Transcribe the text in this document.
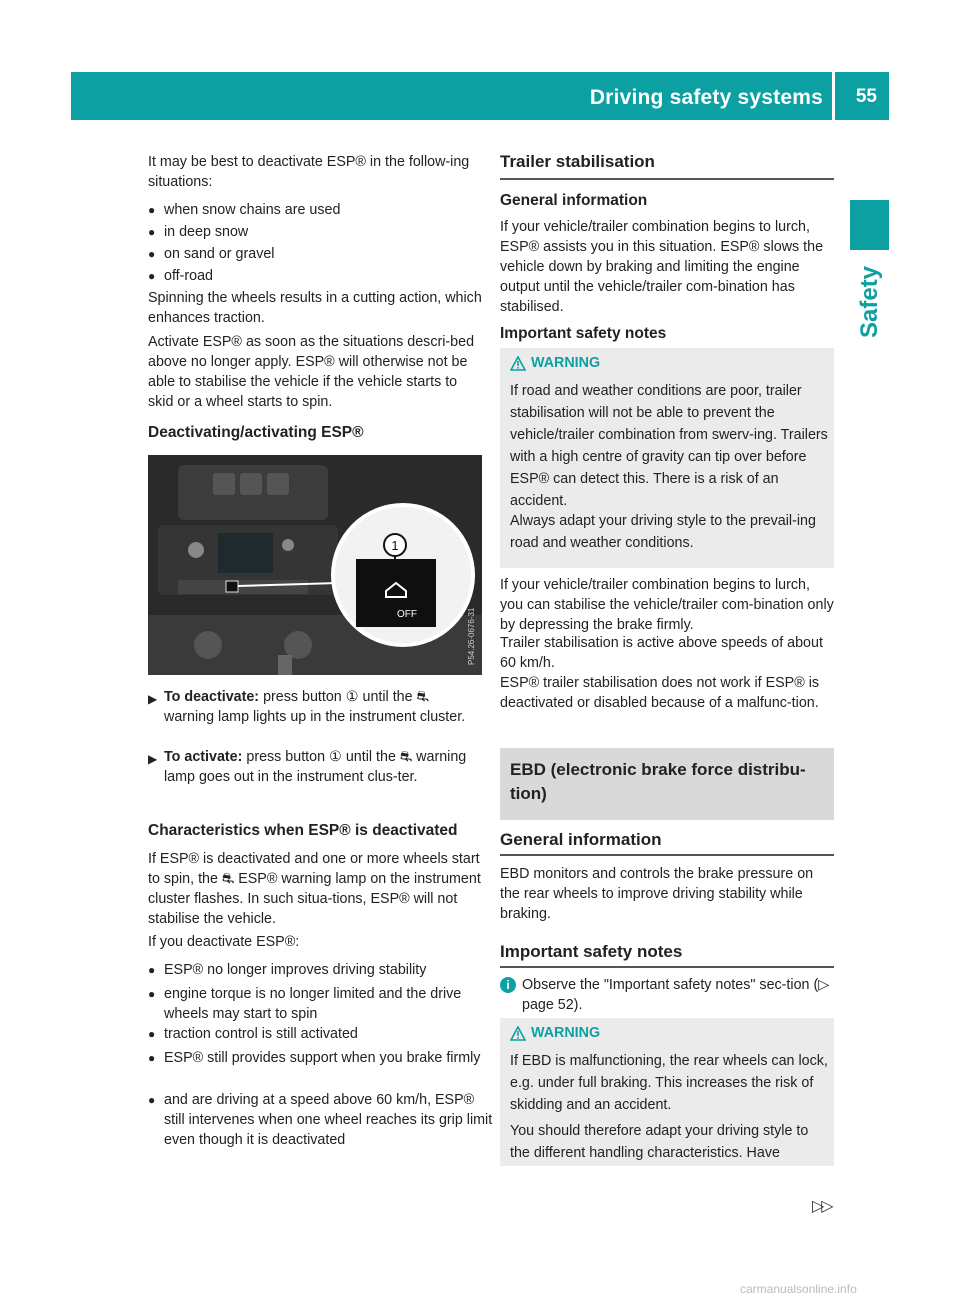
Driving safety systems 55
Safety

It may be best to deactivate ESP® in the follow-ing situations:

● when snow chains are used
● in deep snow
● on sand or gravel
● off-road

Spinning the wheels results in a cutting action, which enhances traction.

Activate ESP® as soon as the situations descri-bed above no longer apply. ESP® will otherwise not be able to stabilise the vehicle if the vehicle starts to skid or a wheel starts to spin.

Deactivating/activating ESP®
1
OFF	P54.26-0676-31
▶ To deactivate: press button ① until the ⛐ warning lamp lights up in the instrument cluster.
▶ To activate: press button ① until the ⛐ warning lamp goes out in the instrument clus-ter.
Characteristics when ESP® is deactivated

If ESP® is deactivated and one or more wheels start to spin, the ⛐ ESP® warning lamp on the instrument cluster flashes. In such situa-tions, ESP® will not stabilise the vehicle.

If you deactivate ESP®:

● ESP® no longer improves driving stability
● engine torque is no longer limited and the drive wheels may start to spin
● traction control is still activated
● ESP® still provides support when you brake firmly
● and are driving at a speed above 60 km/h, ESP® still intervenes when one wheel reaches its grip limit even though it is deactivated
Trailer stabilisation
General information

If your vehicle/trailer combination begins to lurch, ESP® assists you in this situation. ESP® slows the vehicle down by braking and limiting the engine output until the vehicle/trailer com-bination has stabilised.

Important safety notes
WARNING

If road and weather conditions are poor, trailer stabilisation will not be able to prevent the vehicle/trailer combination from swerv-ing. Trailers with a high centre of gravity can tip over before ESP® can detect this. There is a risk of an accident.

Always adapt your driving style to the prevail-ing road and weather conditions.

If your vehicle/trailer combination begins to lurch, you can stabilise the vehicle/trailer com-bination only by depressing the brake firmly.

Trailer stabilisation is active above speeds of about 60 km/h.

ESP® trailer stabilisation does not work if ESP® is deactivated or disabled because of a malfunc-tion.

EBD (electronic brake force distribu-tion)
General information

EBD monitors and controls the brake pressure on the rear wheels to improve driving stability while braking.

Important safety notes
i Observe the "Important safety notes" sec-tion (▷ page 52).

WARNING

If EBD is malfunctioning, the rear wheels can lock, e.g. under full braking. This increases the risk of skidding and an accident.

You should therefore adapt your driving style to the different handling characteristics. Have

▷▷
carmanualsonline.info
